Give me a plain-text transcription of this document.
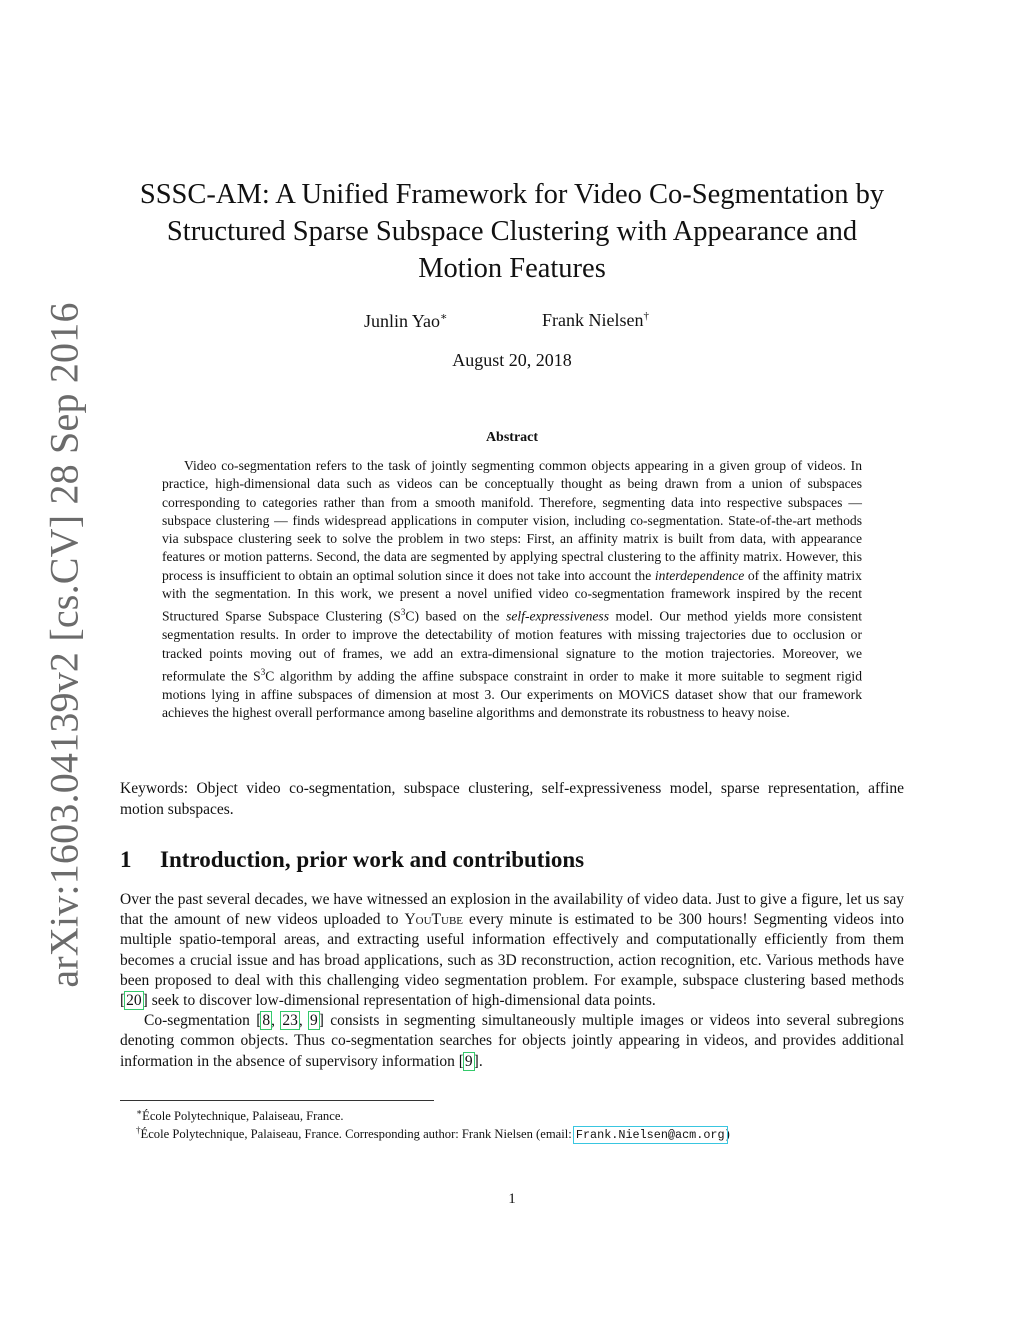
arXiv:1603.04139v2 [cs.CV] 28 Sep 2016
SSSC-AM: A Unified Framework for Video Co-Segmentation by
Structured Sparse Subspace Clustering with Appearance and
Motion Features
Junlin Yao∗	Frank Nielsen†
August 20, 2018
Abstract

Video co-segmentation refers to the task of jointly segmenting common objects appearing in a given group of videos. In practice, high-dimensional data such as videos can be conceptually thought as being drawn from a union of subspaces corresponding to categories rather than from a smooth manifold. Therefore, segmenting data into respective subspaces — subspace clustering — finds widespread applications in computer vision, including co-segmentation. State-of-the-art methods via subspace clustering seek to solve the problem in two steps: First, an affinity matrix is built from data, with appearance features or motion patterns. Second, the data are segmented by applying spectral clustering to the affinity matrix. However, this process is insufficient to obtain an optimal solution since it does not take into account the interdependence of the affinity matrix with the segmentation. In this work, we present a novel unified video co-segmentation framework inspired by the recent Structured Sparse Subspace Clustering $(S^3C)$ based on the self-expressiveness model. Our method yields more consistent segmentation results. In order to improve the detectability of motion features with missing trajectories due to occlusion or tracked points moving out of frames, we add an extra-dimensional signature to the motion trajectories. Moreover, we reformulate the $S^3C$ algorithm by adding the affine subspace constraint in order to make it more suitable to segment rigid motions lying in affine subspaces of dimension at most 3. Our experiments on MOViCS dataset show that our framework achieves the highest overall performance among baseline algorithms and demonstrate its robustness to heavy noise.

Keywords: Object video co-segmentation, subspace clustering, self-expressiveness model, sparse representation, affine motion subspaces.
1 Introduction, prior work and contributions

Over the past several decades, we have witnessed an explosion in the availability of video data. Just to give a figure, let us say that the amount of new videos uploaded to YouTube every minute is estimated to be 300 hours! Segmenting videos into multiple spatio-temporal areas, and extracting useful information effectively and computationally efficiently from them becomes a crucial issue and has broad applications, such as 3D reconstruction, action recognition, etc. Various methods have been proposed to deal with this challenging video segmentation problem. For example, subspace clustering based methods [20] seek to discover low-dimensional representation of high-dimensional data points.

Co-segmentation [8, 23, 9] consists in segmenting simultaneously multiple images or videos into several subregions denoting common objects. Thus co-segmentation searches for objects jointly appearing in videos, and provides additional information in the absence of supervisory information [9].

∗École Polytechnique, Palaiseau, France.
†École Polytechnique, Palaiseau, France. Corresponding author: Frank Nielsen (email: Frank.Nielsen@acm.org)
1
